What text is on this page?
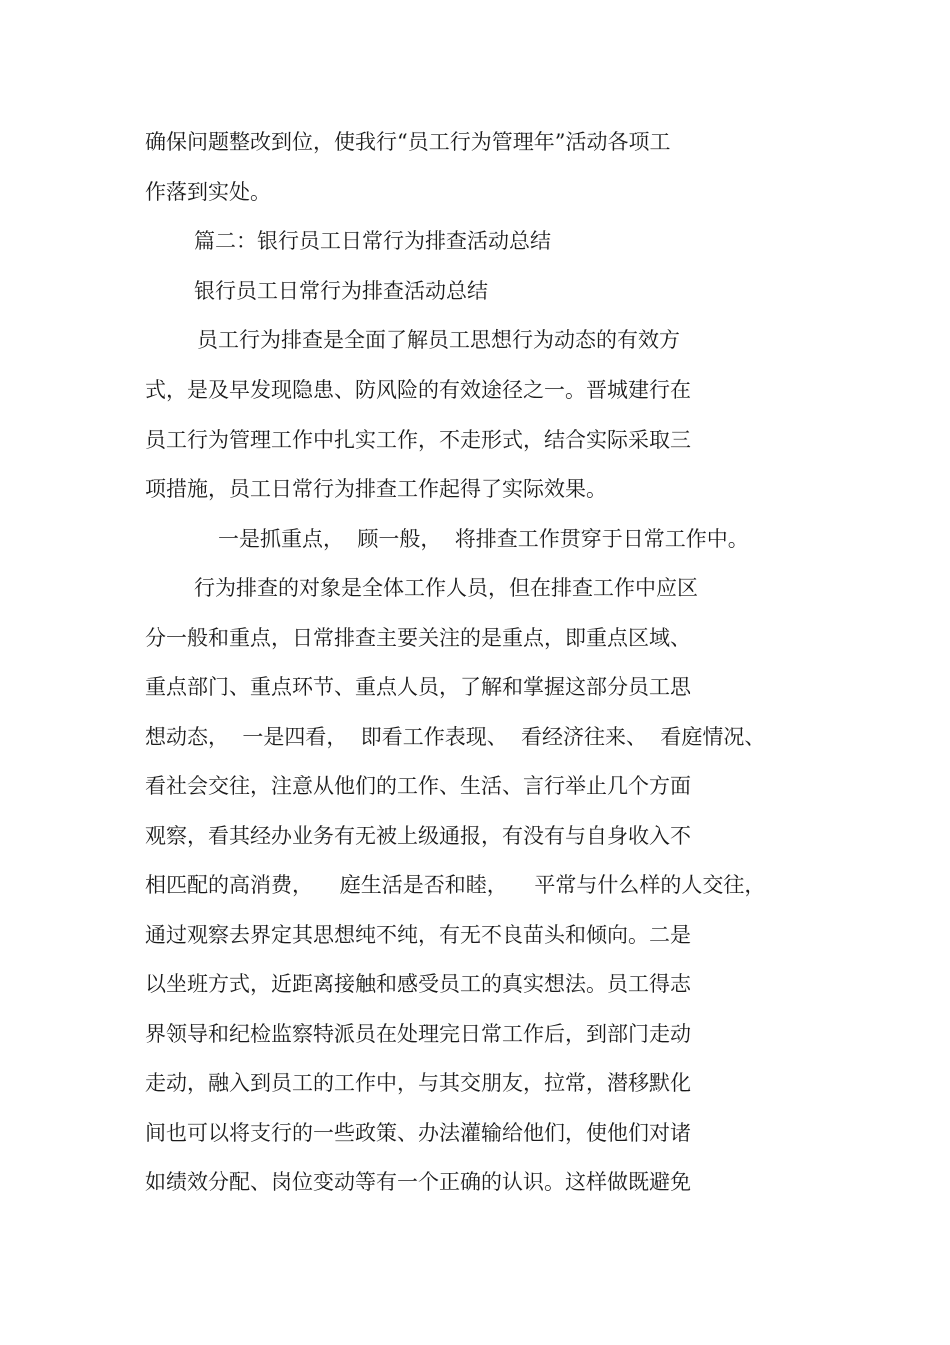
确保问题整改到位，使我行“员工行为管理年”活动各项工

作落到实处。

篇二：银行员工日常行为排查活动总结

银行员工日常行为排查活动总结

员工行为排查是全面了解员工思想行为动态的有效方

式，是及早发现隐患、防风险的有效途径之一。晋城建行在

员工行为管理工作中扎实工作，不走形式，结合实际采取三

项措施，员工日常行为排查工作起得了实际效果。

一是抓重点，  顾一般，  将排查工作贯穿于日常工作中。

行为排查的对象是全体工作人员，但在排查工作中应区

分一般和重点，日常排查主要关注的是重点，即重点区域、

重点部门、重点环节、重点人员，了解和掌握这部分员工思

想动态，  一是四看，  即看工作表现、  看经济往来、  看庭情况、

看社会交往，注意从他们的工作、生活、言行举止几个方面

观察，看其经办业务有无被上级通报，有没有与自身收入不

相匹配的高消费，    庭生活是否和睦，    平常与什么样的人交往，

通过观察去界定其思想纯不纯，有无不良苗头和倾向。二是

以坐班方式，近距离接触和感受员工的真实想法。员工得志

界领导和纪检监察特派员在处理完日常工作后，到部门走动

走动，融入到员工的工作中，与其交朋友，拉常，潜移默化

间也可以将支行的一些政策、办法灌输给他们，使他们对诸

如绩效分配、岗位变动等有一个正确的认识。这样做既避免
